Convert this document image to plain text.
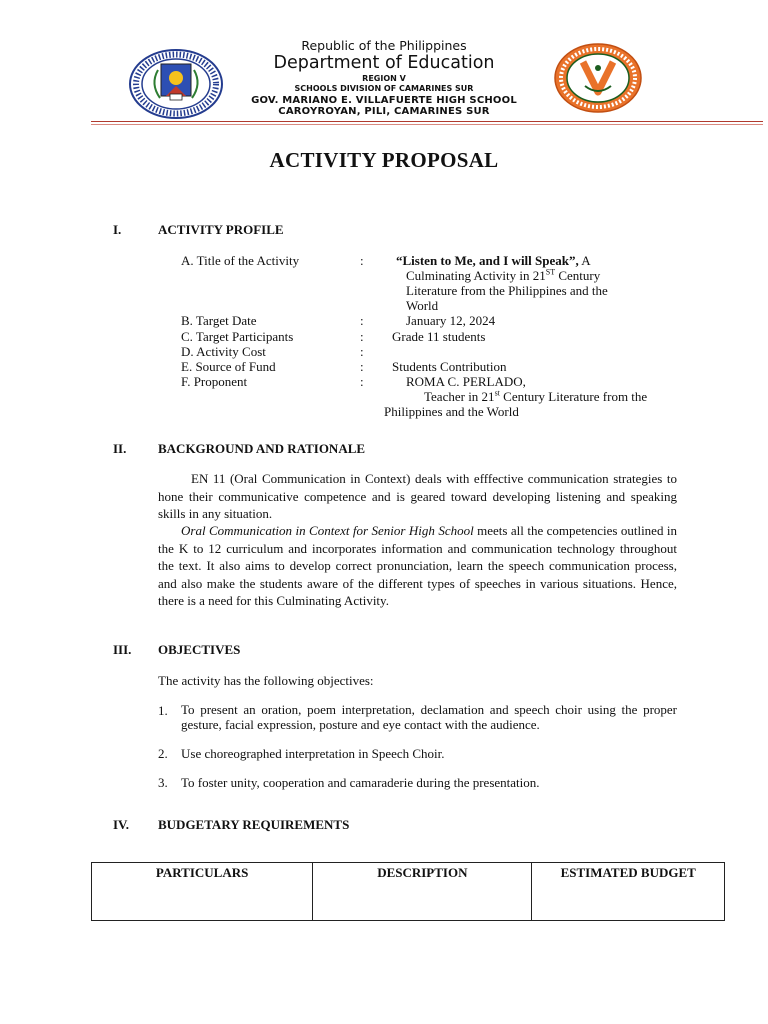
Republic of the Philippines
Department of Education
REGION V
SCHOOLS DIVISION OF CAMARINES SUR
GOV. MARIANO E. VILLAFUERTE HIGH SCHOOL
CAROYROYAN, PILI, CAMARINES SUR
ACTIVITY PROPOSAL
I.	ACTIVITY PROFILE
A. Title of the Activity	: “Listen to Me, and I will Speak”, A
Culminating Activity in 21ST Century
Literature from the Philippines and the
World
B. Target Date	:	January 12, 2024
C. Target Participants	: Grade 11 students
D. Activity Cost	:
E. Source of Fund	: Students Contribution
F. Proponent	:	ROMA C. PERLADO,
Teacher in 21st Century Literature from the
Philippines and the World
II. BACKGROUND AND RATIONALE
EN 11 (Oral Communication in Context) deals with efffective communication strategies to hone their communicative competence and is geared toward developing listening and speaking skills in any situation.
Oral Communication in Context for Senior High School meets all the competencies outlined in the K to 12 curriculum and incorporates information and communication technology throughout the text. It also aims to develop correct pronunciation, learn the speech communication process, and also make the students aware of the different types of speeches in various situations. Hence, there is a need for this Culminating Activity.
III. OBJECTIVES
The activity has the following objectives:
1. To present an oration, poem interpretation, declamation and speech choir using the proper gesture, facial expression, posture and eye contact with the audience.
2. Use choreographed interpretation in Speech Choir.
3. To foster unity, cooperation and camaraderie during the presentation.
IV. BUDGETARY REQUIREMENTS
PARTICULARS	DESCRIPTION	ESTIMATED BUDGET
